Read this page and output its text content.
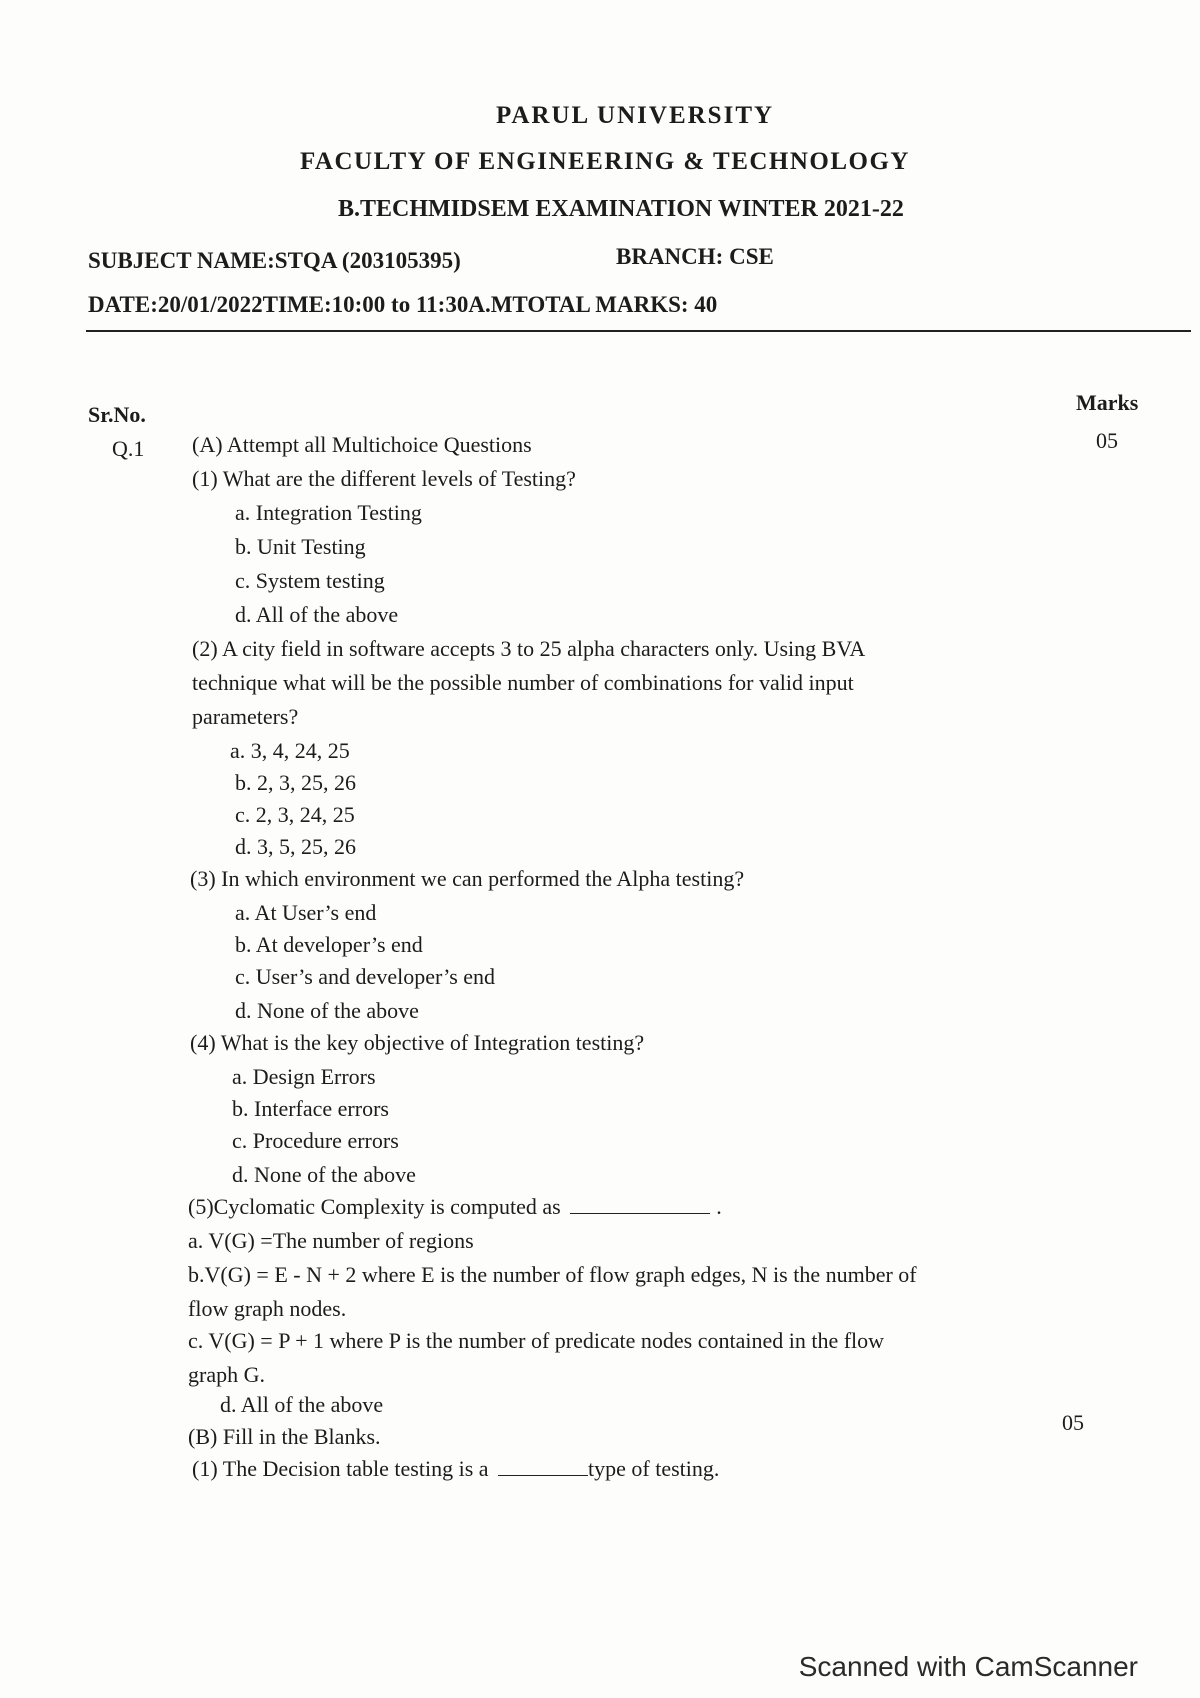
PARUL UNIVERSITY
FACULTY OF ENGINEERING & TECHNOLOGY
B.TECHMIDSEM EXAMINATION WINTER 2021-22
SUBJECT NAME:STQA (203105395)	BRANCH: CSE
DATE:20/01/2022TIME:10:00 to 11:30A.MTOTAL MARKS: 40
Sr.No.	Marks
Q.1	05
(A) Attempt all Multichoice Questions
(1) What are the different levels of Testing?
a. Integration Testing
b. Unit Testing
c. System testing
d. All of the above
(2) A city field in software accepts 3 to 25 alpha characters only. Using BVA
technique what will be the possible number of combinations for valid input
parameters?
a. 3, 4, 24, 25
b. 2, 3, 25, 26
c. 2, 3, 24, 25
d. 3, 5, 25, 26
(3) In which environment we can performed the Alpha testing?
a. At User’s end
b. At developer’s end
c. User’s and developer’s end
d. None of the above
(4) What is the key objective of Integration testing?
a. Design Errors
b. Interface errors
c. Procedure errors
d. None of the above
(5)Cyclomatic Complexity is computed as	.
a. V(G) =The number of regions
b.V(G) = E - N + 2 where E is the number of flow graph edges, N is the number of
flow graph nodes.
c. V(G) = P + 1 where P is the number of predicate nodes contained in the flow
graph G.
d. All of the above
(B) Fill in the Blanks.
05
(1) The Decision table testing is a	type of testing.
Scanned with CamScanner
